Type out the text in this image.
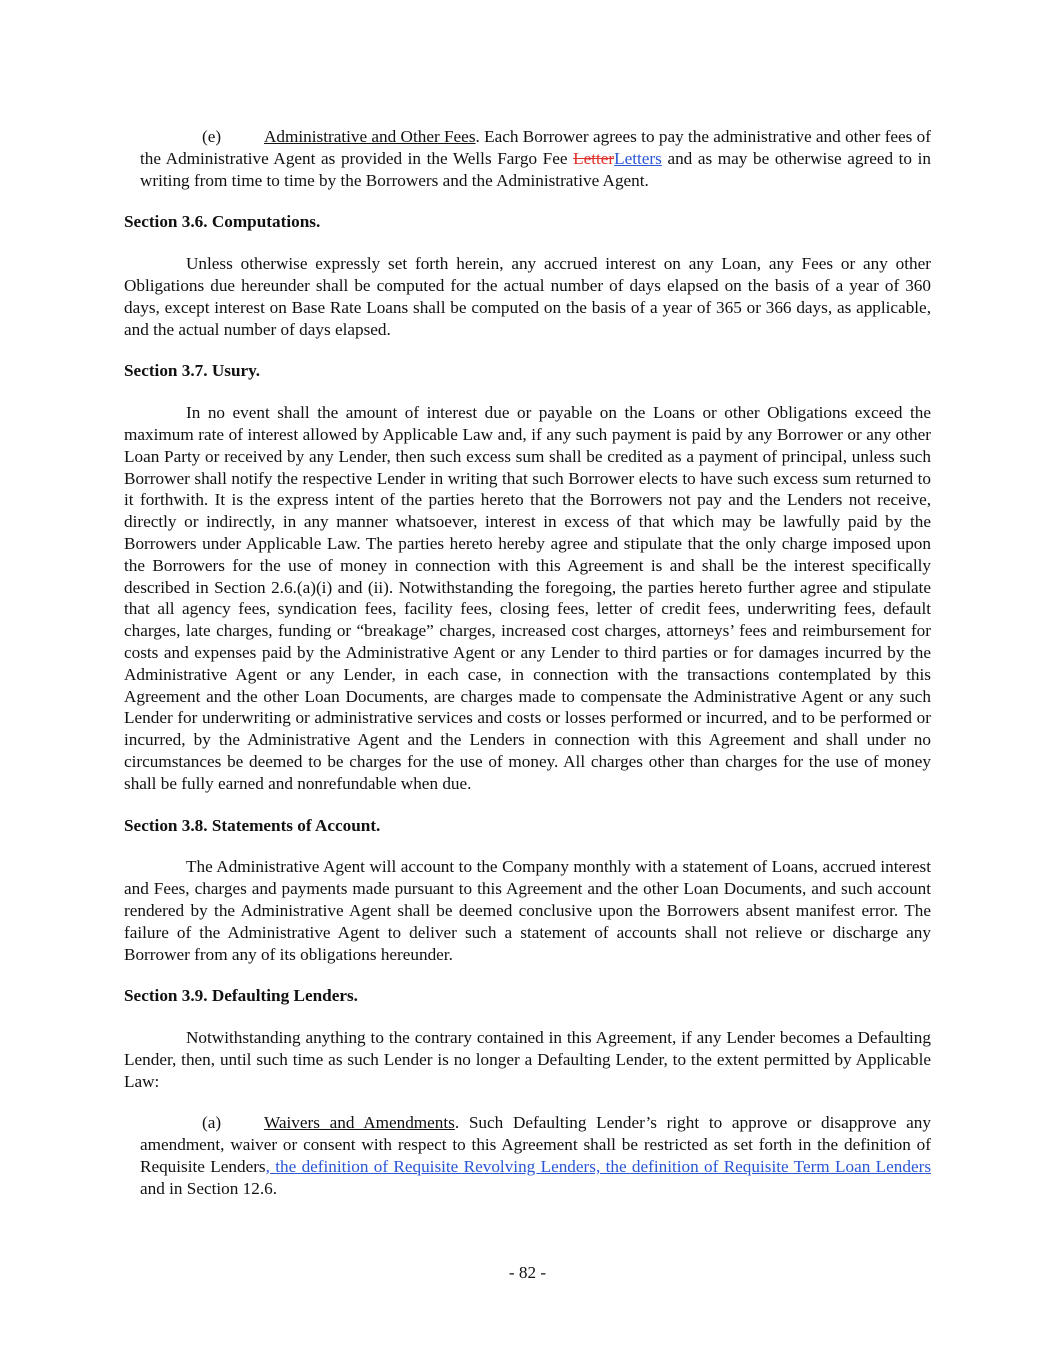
(e) Administrative and Other Fees. Each Borrower agrees to pay the administrative and other fees of the Administrative Agent as provided in the Wells Fargo Fee LetterLetters and as may be otherwise agreed to in writing from time to time by the Borrowers and the Administrative Agent.

Section 3.6. Computations.

Unless otherwise expressly set forth herein, any accrued interest on any Loan, any Fees or any other Obligations due hereunder shall be computed for the actual number of days elapsed on the basis of a year of 360 days, except interest on Base Rate Loans shall be computed on the basis of a year of 365 or 366 days, as applicable, and the actual number of days elapsed.

Section 3.7. Usury.

In no event shall the amount of interest due or payable on the Loans or other Obligations exceed the maximum rate of interest allowed by Applicable Law and, if any such payment is paid by any Borrower or any other Loan Party or received by any Lender, then such excess sum shall be credited as a payment of principal, unless such Borrower shall notify the respective Lender in writing that such Borrower elects to have such excess sum returned to it forthwith. It is the express intent of the parties hereto that the Borrowers not pay and the Lenders not receive, directly or indirectly, in any manner whatsoever, interest in excess of that which may be lawfully paid by the Borrowers under Applicable Law. The parties hereto hereby agree and stipulate that the only charge imposed upon the Borrowers for the use of money in connection with this Agreement is and shall be the interest specifically described in Section 2.6.(a)(i) and (ii). Notwithstanding the foregoing, the parties hereto further agree and stipulate that all agency fees, syndication fees, facility fees, closing fees, letter of credit fees, underwriting fees, default charges, late charges, funding or “breakage” charges, increased cost charges, attorneys’ fees and reimbursement for costs and expenses paid by the Administrative Agent or any Lender to third parties or for damages incurred by the Administrative Agent or any Lender, in each case, in connection with the transactions contemplated by this Agreement and the other Loan Documents, are charges made to compensate the Administrative Agent or any such Lender for underwriting or administrative services and costs or losses performed or incurred, and to be performed or incurred, by the Administrative Agent and the Lenders in connection with this Agreement and shall under no circumstances be deemed to be charges for the use of money. All charges other than charges for the use of money shall be fully earned and nonrefundable when due.

Section 3.8. Statements of Account.

The Administrative Agent will account to the Company monthly with a statement of Loans, accrued interest and Fees, charges and payments made pursuant to this Agreement and the other Loan Documents, and such account rendered by the Administrative Agent shall be deemed conclusive upon the Borrowers absent manifest error. The failure of the Administrative Agent to deliver such a statement of accounts shall not relieve or discharge any Borrower from any of its obligations hereunder.

Section 3.9. Defaulting Lenders.

Notwithstanding anything to the contrary contained in this Agreement, if any Lender becomes a Defaulting Lender, then, until such time as such Lender is no longer a Defaulting Lender, to the extent permitted by Applicable Law:

(a) Waivers and Amendments. Such Defaulting Lender’s right to approve or disapprove any amendment, waiver or consent with respect to this Agreement shall be restricted as set forth in the definition of Requisite Lenders, the definition of Requisite Revolving Lenders, the definition of Requisite Term Loan Lenders and in Section 12.6.

- 82 -
